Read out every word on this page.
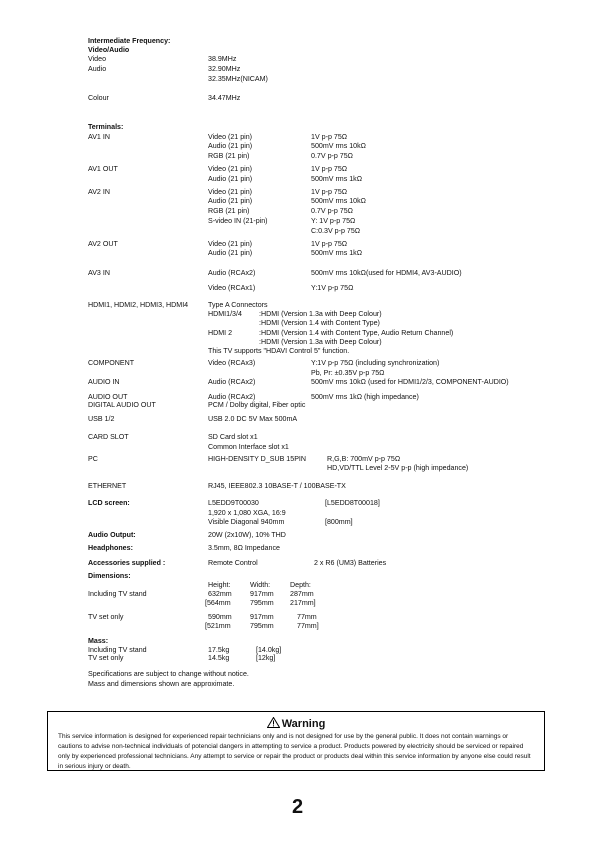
Intermediate Frequency:
Video/Audio
Video	38.9MHz
Audio	32.90MHz
32.35MHz(NICAM)
Colour	34.47MHz
Terminals:
AV1 IN	Video (21 pin)	1V p-p 75Ω
Audio (21 pin)	500mV rms 10kΩ
RGB (21 pin)	0.7V p-p 75Ω
AV1 OUT	Video (21 pin)	1V p-p 75Ω
Audio (21 pin)	500mV rms 1kΩ
AV2 IN	Video (21 pin)	1V p-p 75Ω
Audio (21 pin)	500mV rms 10kΩ
RGB (21 pin)	0.7V p-p 75Ω
S-video IN (21-pin)	Y: 1V p-p 75Ω
C:0.3V p-p 75Ω
AV2 OUT	Video (21 pin)	1V p-p 75Ω
Audio (21 pin)	500mV rms 1kΩ
AV3 IN	Audio (RCAx2)	500mV rms 10kΩ(used for HDMI4, AV3-AUDIO)
Video (RCAx1)	Y:1V p-p 75Ω
HDMI1, HDMI2, HDMI3, HDMI4	Type A Connectors
HDMI1/3/4 :HDMI (Version 1.3a with Deep Colour)
:HDMI (Version 1.4 with Content Type)
HDMI 2	:HDMI (Version 1.4 with Content Type, Audio Return Channel)
:HDMI (Version 1.3a with Deep Colour)
This TV supports "HDAVI Control 5" function.
COMPONENT	Video (RCAx3)	Y:1V p-p 75Ω (including synchronization)
Pb, Pr: ±0.35V p-p 75Ω
AUDIO IN	Audio (RCAx2)	500mV rms 10kΩ (used for HDMI1/2/3, COMPONENT-AUDIO)
AUDIO OUT	Audio (RCAx2)	500mV rms 1kΩ (high impedance)
DIGITAL AUDIO OUT	PCM / Dolby digital, Fiber optic
USB 1/2	USB 2.0 DC 5V Max 500mA
CARD SLOT	SD Card slot x1
Common Interface slot x1
PC	HIGH-DENSITY D_SUB 15PIN	R,G,B: 700mV p-p 75Ω
HD,VD/TTL Level 2-5V p-p (high impedance)
ETHERNET	RJ45, IEEE802.3 10BASE-T / 100BASE-TX
LCD screen:	L5EDD9T00030	[L5EDD8T00018]
1,920 x 1,080 XGA, 16:9
Visible Diagonal 940mm	[800mm]
Audio Output:	20W (2x10W), 10% THD
Headphones:	3.5mm, 8Ω Impedance
Accessories supplied :	Remote Control	2 x R6 (UM3) Batteries
Dimensions:
Height:	Width:	Depth:
Including TV stand	632mm	917mm 287mm
[564mm	795mm 217mm]
TV set only	590mm	917mm	77mm
[521mm	795mm	77mm]
Mass:
Including TV stand	17.5kg	[14.0kg]
TV set only	14.5kg	[12kg]
Specifications are subject to change without notice.
Mass and dimensions shown are approximate.
Warning
This service information is designed for experienced repair technicians only and is not designed for use by the general public. It does not contain warnings or cautions to advise non-technical individuals of potencial dangers in attempting to service a product. Products powered by electricity should be serviced or repaired only by experienced professional technicians. Any attempt to service or repair the product or products deal within this service information by anyone else could result in serious injury or death.
2
